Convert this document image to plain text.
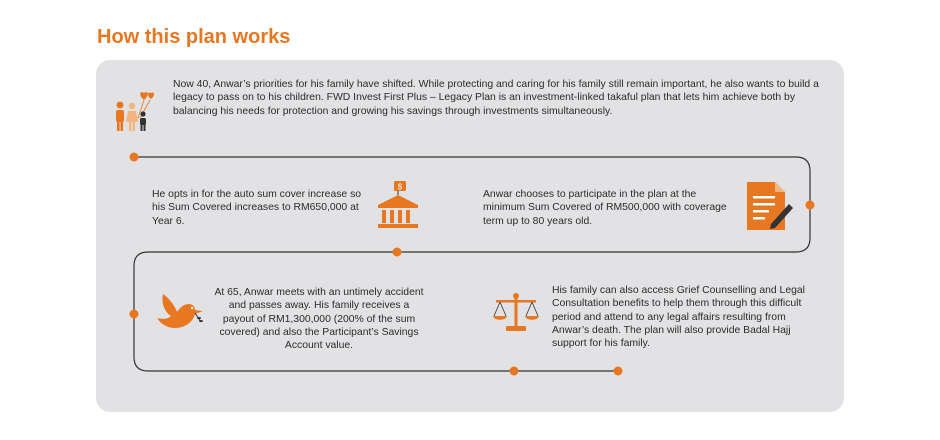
How this plan works

Now 40, Anwar’s priorities for his family have shifted. While protecting and caring for his family still remain important, he also wants to build a legacy to pass on to his children. FWD Invest First Plus – Legacy Plan is an investment-linked takaful plan that lets him achieve both by balancing his needs for protection and growing his savings through investments simultaneously.

Anwar chooses to participate in the plan at the minimum Sum Covered of RM500,000 with coverage term up to 80 years old.

He opts in for the auto sum cover increase so his Sum Covered increases to RM650,000 at Year 6.

$

At 65, Anwar meets with an untimely accident and passes away. His family receives a payout of RM1,300,000 (200% of the sum covered) and also the Participant’s Savings Account value.

His family can also access Grief Counselling and Legal Consultation benefits to help them through this difficult period and attend to any legal affairs resulting from Anwar’s death. The plan will also provide Badal Hajj support for his family.
